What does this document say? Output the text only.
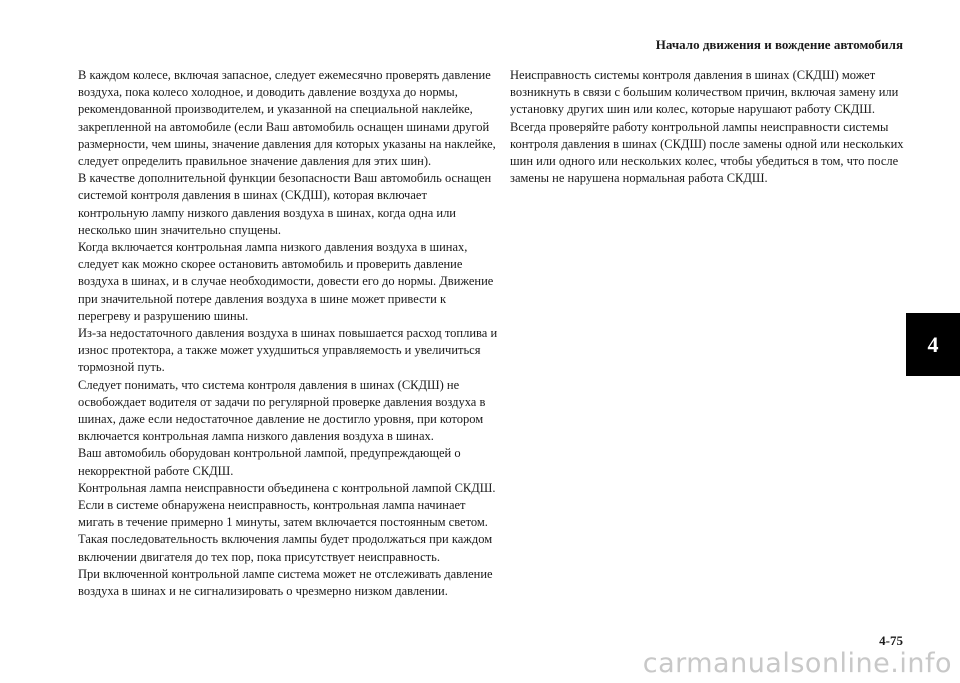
Начало движения и вождение автомобиля

В каждом колесе, включая запасное, следует ежемесячно проверять давление воздуха, пока колесо холодное, и доводить давление воздуха до нормы, рекомендованной производителем, и указанной на специальной наклейке, закрепленной на автомобиле (если Ваш автомобиль оснащен шинами другой размерности, чем шины, значение давления для которых указаны на наклейке, следует определить правильное значение давления для этих шин).

В качестве дополнительной функции безопасности Ваш автомобиль оснащен системой контроля давления в шинах (СКДШ), которая включает контрольную лампу низкого давления воздуха в шинах, когда одна или несколько шин значительно спущены.

Когда включается контрольная лампа низкого давления воздуха в шинах, следует как можно скорее остановить автомобиль и проверить давление воздуха в шинах, и в случае необходимости, довести его до нормы. Движение при значительной потере давления воздуха в шине может привести к перегреву и разрушению шины.

Из-за недостаточного давления воздуха в шинах повышается расход топлива и износ протектора, а также может ухудшиться управляемость и увеличиться тормозной путь.

Следует понимать, что система контроля давления в шинах (СКДШ) не освобождает водителя от задачи по регулярной проверке давления воздуха в шинах, даже если недостаточное давление не достигло уровня, при котором включается контрольная лампа низкого давления воздуха в шинах.

Ваш автомобиль оборудован контрольной лампой, предупреждающей о некорректной работе СКДШ.

Контрольная лампа неисправности объединена с контрольной лампой СКДШ.

Если в системе обнаружена неисправность, контрольная лампа начинает мигать в течение примерно 1 минуты, затем включается постоянным светом. Такая последовательность включения лампы будет продолжаться при каждом включении двигателя до тех пор, пока присутствует неисправность.

При включенной контрольной лампе система может не отслеживать давление воздуха в шинах и не сигнализировать о чрезмерно низком давлении.

Неисправность системы контроля давления в шинах (СКДШ) может возникнуть в связи с большим количеством причин, включая замену или установку других шин или колес, которые нарушают работу СКДШ. Всегда проверяйте работу контрольной лампы неисправности системы контроля давления в шинах (СКДШ) после замены одной или нескольких шин или одного или нескольких колес, чтобы убедиться в том, что после замены не нарушена нормальная работа СКДШ.

4
4-75
carmanualsonline.info
